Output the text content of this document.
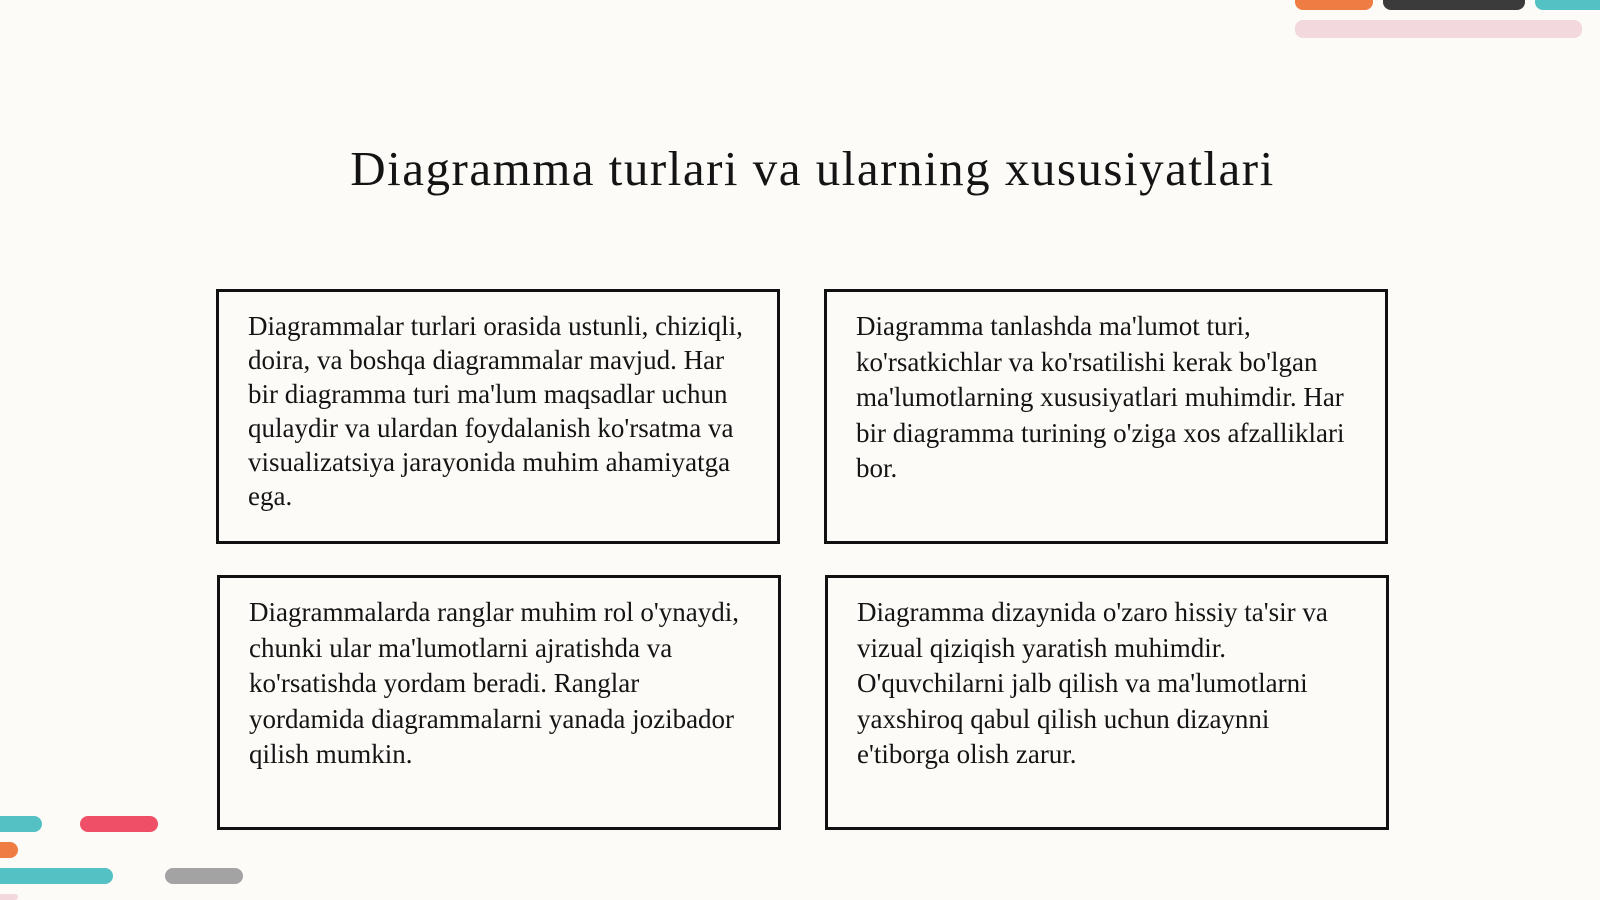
Diagramma turlari va ularning xususiyatlari
Diagrammalar turlari orasida ustunli, chiziqli, doira, va boshqa diagrammalar mavjud. Har bir diagramma turi ma'lum maqsadlar uchun qulaydir va ulardan foydalanish ko'rsatma va visualizatsiya jarayonida muhim ahamiyatga ega.
Diagramma tanlashda ma'lumot turi, ko'rsatkichlar va ko'rsatilishi kerak bo'lgan ma'lumotlarning xususiyatlari muhimdir. Har bir diagramma turining o'ziga xos afzalliklari bor.
Diagrammalarda ranglar muhim rol o'ynaydi, chunki ular ma'lumotlarni ajratishda va ko'rsatishda yordam beradi. Ranglar yordamida diagrammalarni yanada jozibador qilish mumkin.
Diagramma dizaynida o'zaro hissiy ta'sir va vizual qiziqish yaratish muhimdir. O'quvchilarni jalb qilish va ma'lumotlarni yaxshiroq qabul qilish uchun dizaynni e'tiborga olish zarur.
